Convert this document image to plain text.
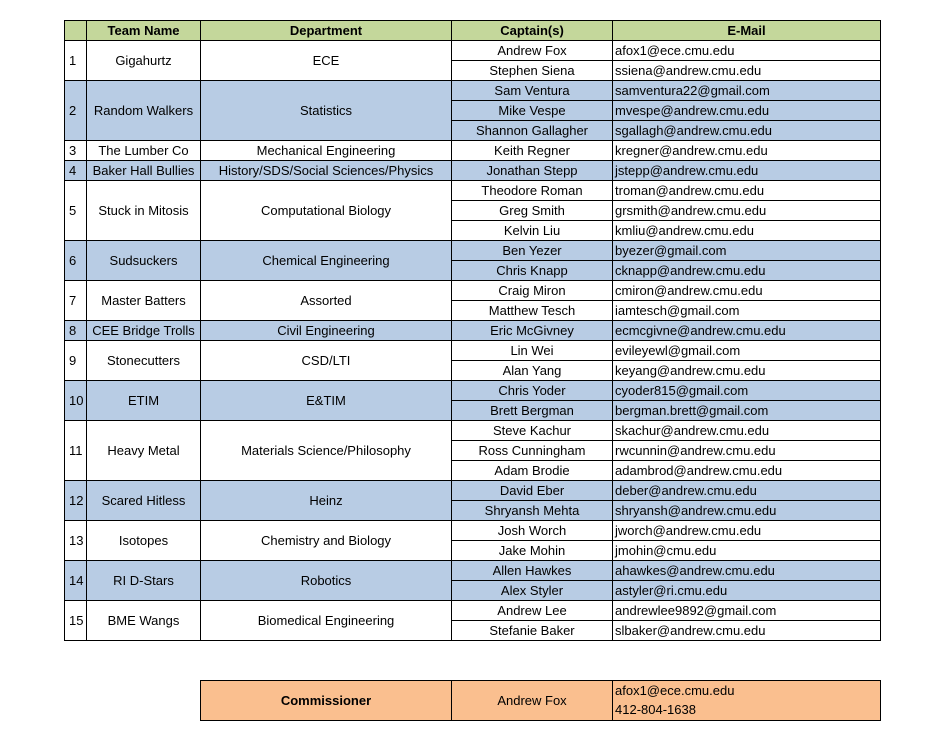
	Team Name	Department	Captain(s)	E-Mail
1	Gigahurtz	ECE	Andrew Fox	afox1@ece.cmu.edu
			Stephen Siena	ssiena@andrew.cmu.edu
2	Random Walkers	Statistics	Sam Ventura	samventura22@gmail.com
			Mike Vespe	mvespe@andrew.cmu.edu
			Shannon Gallagher	sgallagh@andrew.cmu.edu
3	The Lumber Co	Mechanical Engineering	Keith Regner	kregner@andrew.cmu.edu
4	Baker Hall Bullies	History/SDS/Social Sciences/Physics	Jonathan Stepp	jstepp@andrew.cmu.edu
5	Stuck in Mitosis	Computational Biology	Theodore Roman	troman@andrew.cmu.edu
			Greg Smith	grsmith@andrew.cmu.edu
			Kelvin Liu	kmliu@andrew.cmu.edu
6	Sudsuckers	Chemical Engineering	Ben Yezer	byezer@gmail.com
			Chris Knapp	cknapp@andrew.cmu.edu
7	Master Batters	Assorted	Craig Miron	cmiron@andrew.cmu.edu
			Matthew Tesch	iamtesch@gmail.com
8	CEE Bridge Trolls	Civil Engineering	Eric McGivney	ecmcgivne@andrew.cmu.edu
9	Stonecutters	CSD/LTI	Lin Wei	evileyewl@gmail.com
			Alan Yang	keyang@andrew.cmu.edu
10	ETIM	E&TIM	Chris Yoder	cyoder815@gmail.com
			Brett Bergman	bergman.brett@gmail.com
11	Heavy Metal	Materials Science/Philosophy	Steve Kachur	skachur@andrew.cmu.edu
			Ross Cunningham	rwcunnin@andrew.cmu.edu
			Adam Brodie	adambrod@andrew.cmu.edu
12	Scared Hitless	Heinz	David Eber	deber@andrew.cmu.edu
			Shryansh Mehta	shryansh@andrew.cmu.edu
13	Isotopes	Chemistry and Biology	Josh Worch	jworch@andrew.cmu.edu
			Jake Mohin	jmohin@cmu.edu
14	RI D-Stars	Robotics	Allen Hawkes	ahawkes@andrew.cmu.edu
			Alex Styler	astyler@ri.cmu.edu
15	BME Wangs	Biomedical Engineering	Andrew Lee	andrewlee9892@gmail.com
			Stefanie Baker	slbaker@andrew.cmu.edu
Commissioner	Andrew Fox	
afox1@ece.cmu.edu
412-804-1638
